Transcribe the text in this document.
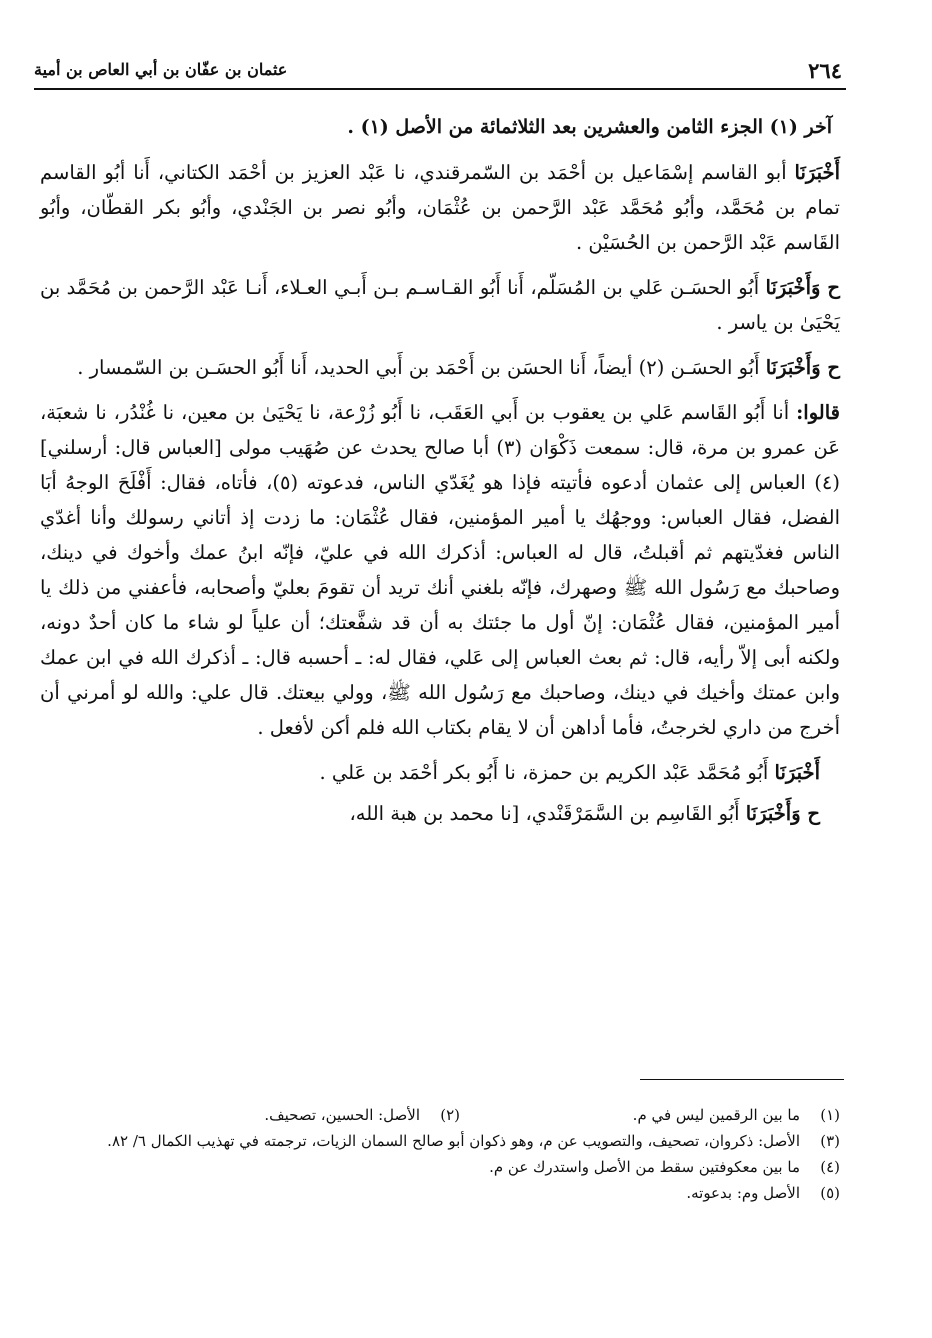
٢٦٤
عثمان بن عفّان بن أبي العاص بن أمية

آخر (١) الجزء الثامن والعشرين بعد الثلاثمائة من الأصل (١) .

أَخْبَرَنَا أبو القاسم إسْمَاعيل بن أحْمَد بن السّمرقندي، نا عَبْد العزيز بن أحْمَد الكتاني، أَنا أبُو القاسم تمام بن مُحَمَّد، وأبُو مُحَمَّد عَبْد الرَّحمن بن عُثْمَان، وأبُو نصر بن الجَنْدي، وأبُو بكر القطّان، وأبُو القَاسم عَبْد الرَّحمن بن الحُسَيْن .

ح وَأَخْبَرَنَا أَبُو الحسَـن عَلي بن المُسَلّم، أَنا أَبُو القـاسـم بـن أَبـي العـلاء، أَنـا عَبْد الرَّحمن بن مُحَمَّد بن يَحْيَىٰ بن ياسر .

ح وَأَخْبَرَنَا أَبُو الحسَـن (٢) أيضاً، أَنا الحسَن بن أَحْمَد بن أَبي الحديد، أَنا أَبُو الحسَـن بن السّمسار .

قالوا: أنا أَبُو القَاسم عَلي بن يعقوب بن أَبي العَقَب، نا أَبُو زُرْعة، نا يَحْيَىٰ بن معين، نا غُنْدُر، نا شعبَة، عَن عمرو بن مرة، قال: سمعت ذَكْوَان (٣) أبا صالح يحدث عن صُهَيب مولى [العباس قال: أرسلني] (٤) العباس إلى عثمان أدعوه فأتيته فإذا هو يُغَدّي الناس، فدعوته (٥)، فأتاه، فقال: أَفْلَحَ الوجهُ أبَا الفضل، فقال العباس: ووجهُك يا أمير المؤمنين، فقال عُثْمَان: ما زدت إذ أتاني رسولك وأنا أغدّي الناس فغدّيتهم ثم أقبلتُ، قال له العباس: أذكرك الله في عليّ، فإنّه ابنُ عمك وأخوك في دينك، وصاحبك مع رَسُول الله ﷺ وصهرك، فإنّه بلغني أنك تريد أن تقومَ بعليّ وأصحابه، فأعفني من ذلك يا أمير المؤمنين، فقال عُثْمَان: إنّ أول ما جئتك به أن قد شفَّعتك؛ أن علياً لو شاء ما كان أحدٌ دونه، ولكنه أبى إلاّ رأيه، قال: ثم بعث العباس إلى عَلي، فقال له: ـ أحسبه قال: ـ أذكرك الله في ابن عمك وابن عمتك وأخيك في دينك، وصاحبك مع رَسُول الله ﷺ، وولي بيعتك. قال علي: والله لو أمرني أن أخرج من داري لخرجتُ، فأما أداهن أن لا يقام بكتاب الله فلم أكن لأفعل .

أَخْبَرَنَا أَبُو مُحَمَّد عَبْد الكريم بن حمزة، نا أَبُو بكر أحْمَد بن عَلي .

ح وَأَخْبَرَنَا أَبُو القَاسِم بن السَّمَرْقَنْدي، [نا محمد بن هبة الله،

(١)
ما بين الرقمين ليس في م.
(٢)
الأصل: الحسين، تصحيف.
(٣)
الأصل: ذكروان، تصحيف، والتصويب عن م، وهو ذكوان أبو صالح السمان الزيات، ترجمته في تهذيب الكمال ٦/ ٨٢.
(٤)
ما بين معكوفتين سقط من الأصل واستدرك عن م.
(٥)
الأصل وم: بدعوته.
